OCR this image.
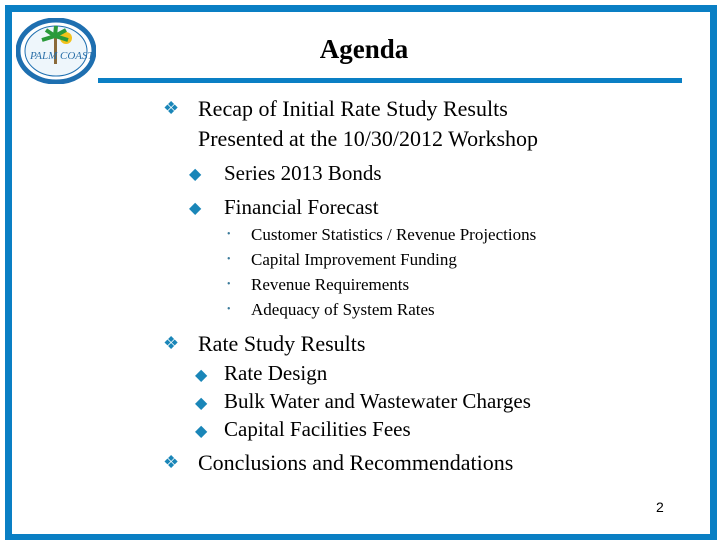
PALM COAST	Agenda
❖ Recap of Initial Rate Study Results
Presented at the 10/30/2012 Workshop
◆ Series 2013 Bonds
◆ Financial Forecast
• Customer Statistics / Revenue Projections
• Capital Improvement Funding
• Revenue Requirements
• Adequacy of System Rates
❖ Rate Study Results
◆ Rate Design
◆ Bulk Water and Wastewater Charges
◆ Capital Facilities Fees
❖ Conclusions and Recommendations
2
